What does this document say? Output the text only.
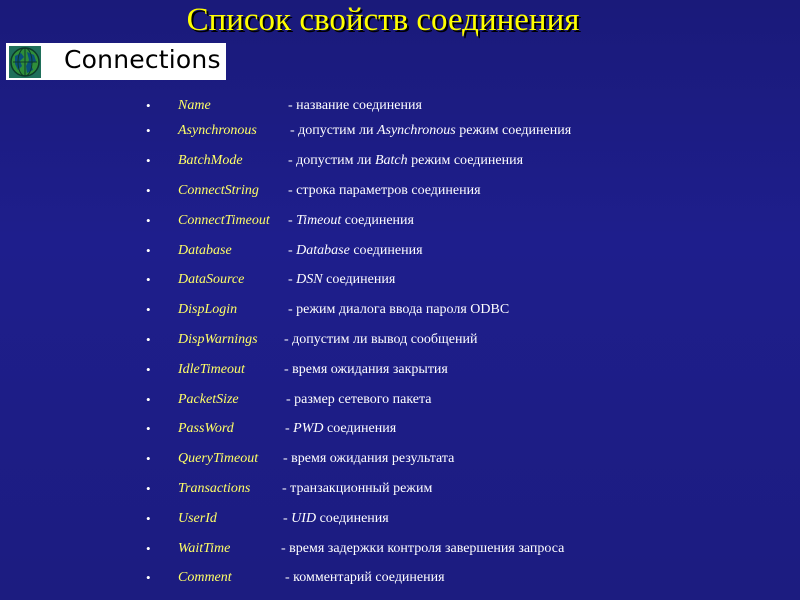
Список свойств соединения
Connections
• Name	- название соединения
• Asynchronous - допустим ли Asynchronous режим соединения
• BatchMode	- допустим ли Batch режим соединения
• ConnectString - строка параметров соединения
• ConnectTimeout - Timeout соединения
• Database	- Database соединения
• DataSource	- DSN соединения
• DispLogin	- режим диалога ввода пароля ODBC
• DispWarnings - допустим ли вывод сообщений
• IdleTimeout	- время ожидания закрытия
• PacketSize	- размер сетевого пакета
• PassWord	- PWD соединения
• QueryTimeout - время ожидания результата
• Transactions - транзакционный режим
• UserId	- UID соединения
• WaitTime	- время задержки контроля завершения запроса
• Comment	- комментарий соединения
